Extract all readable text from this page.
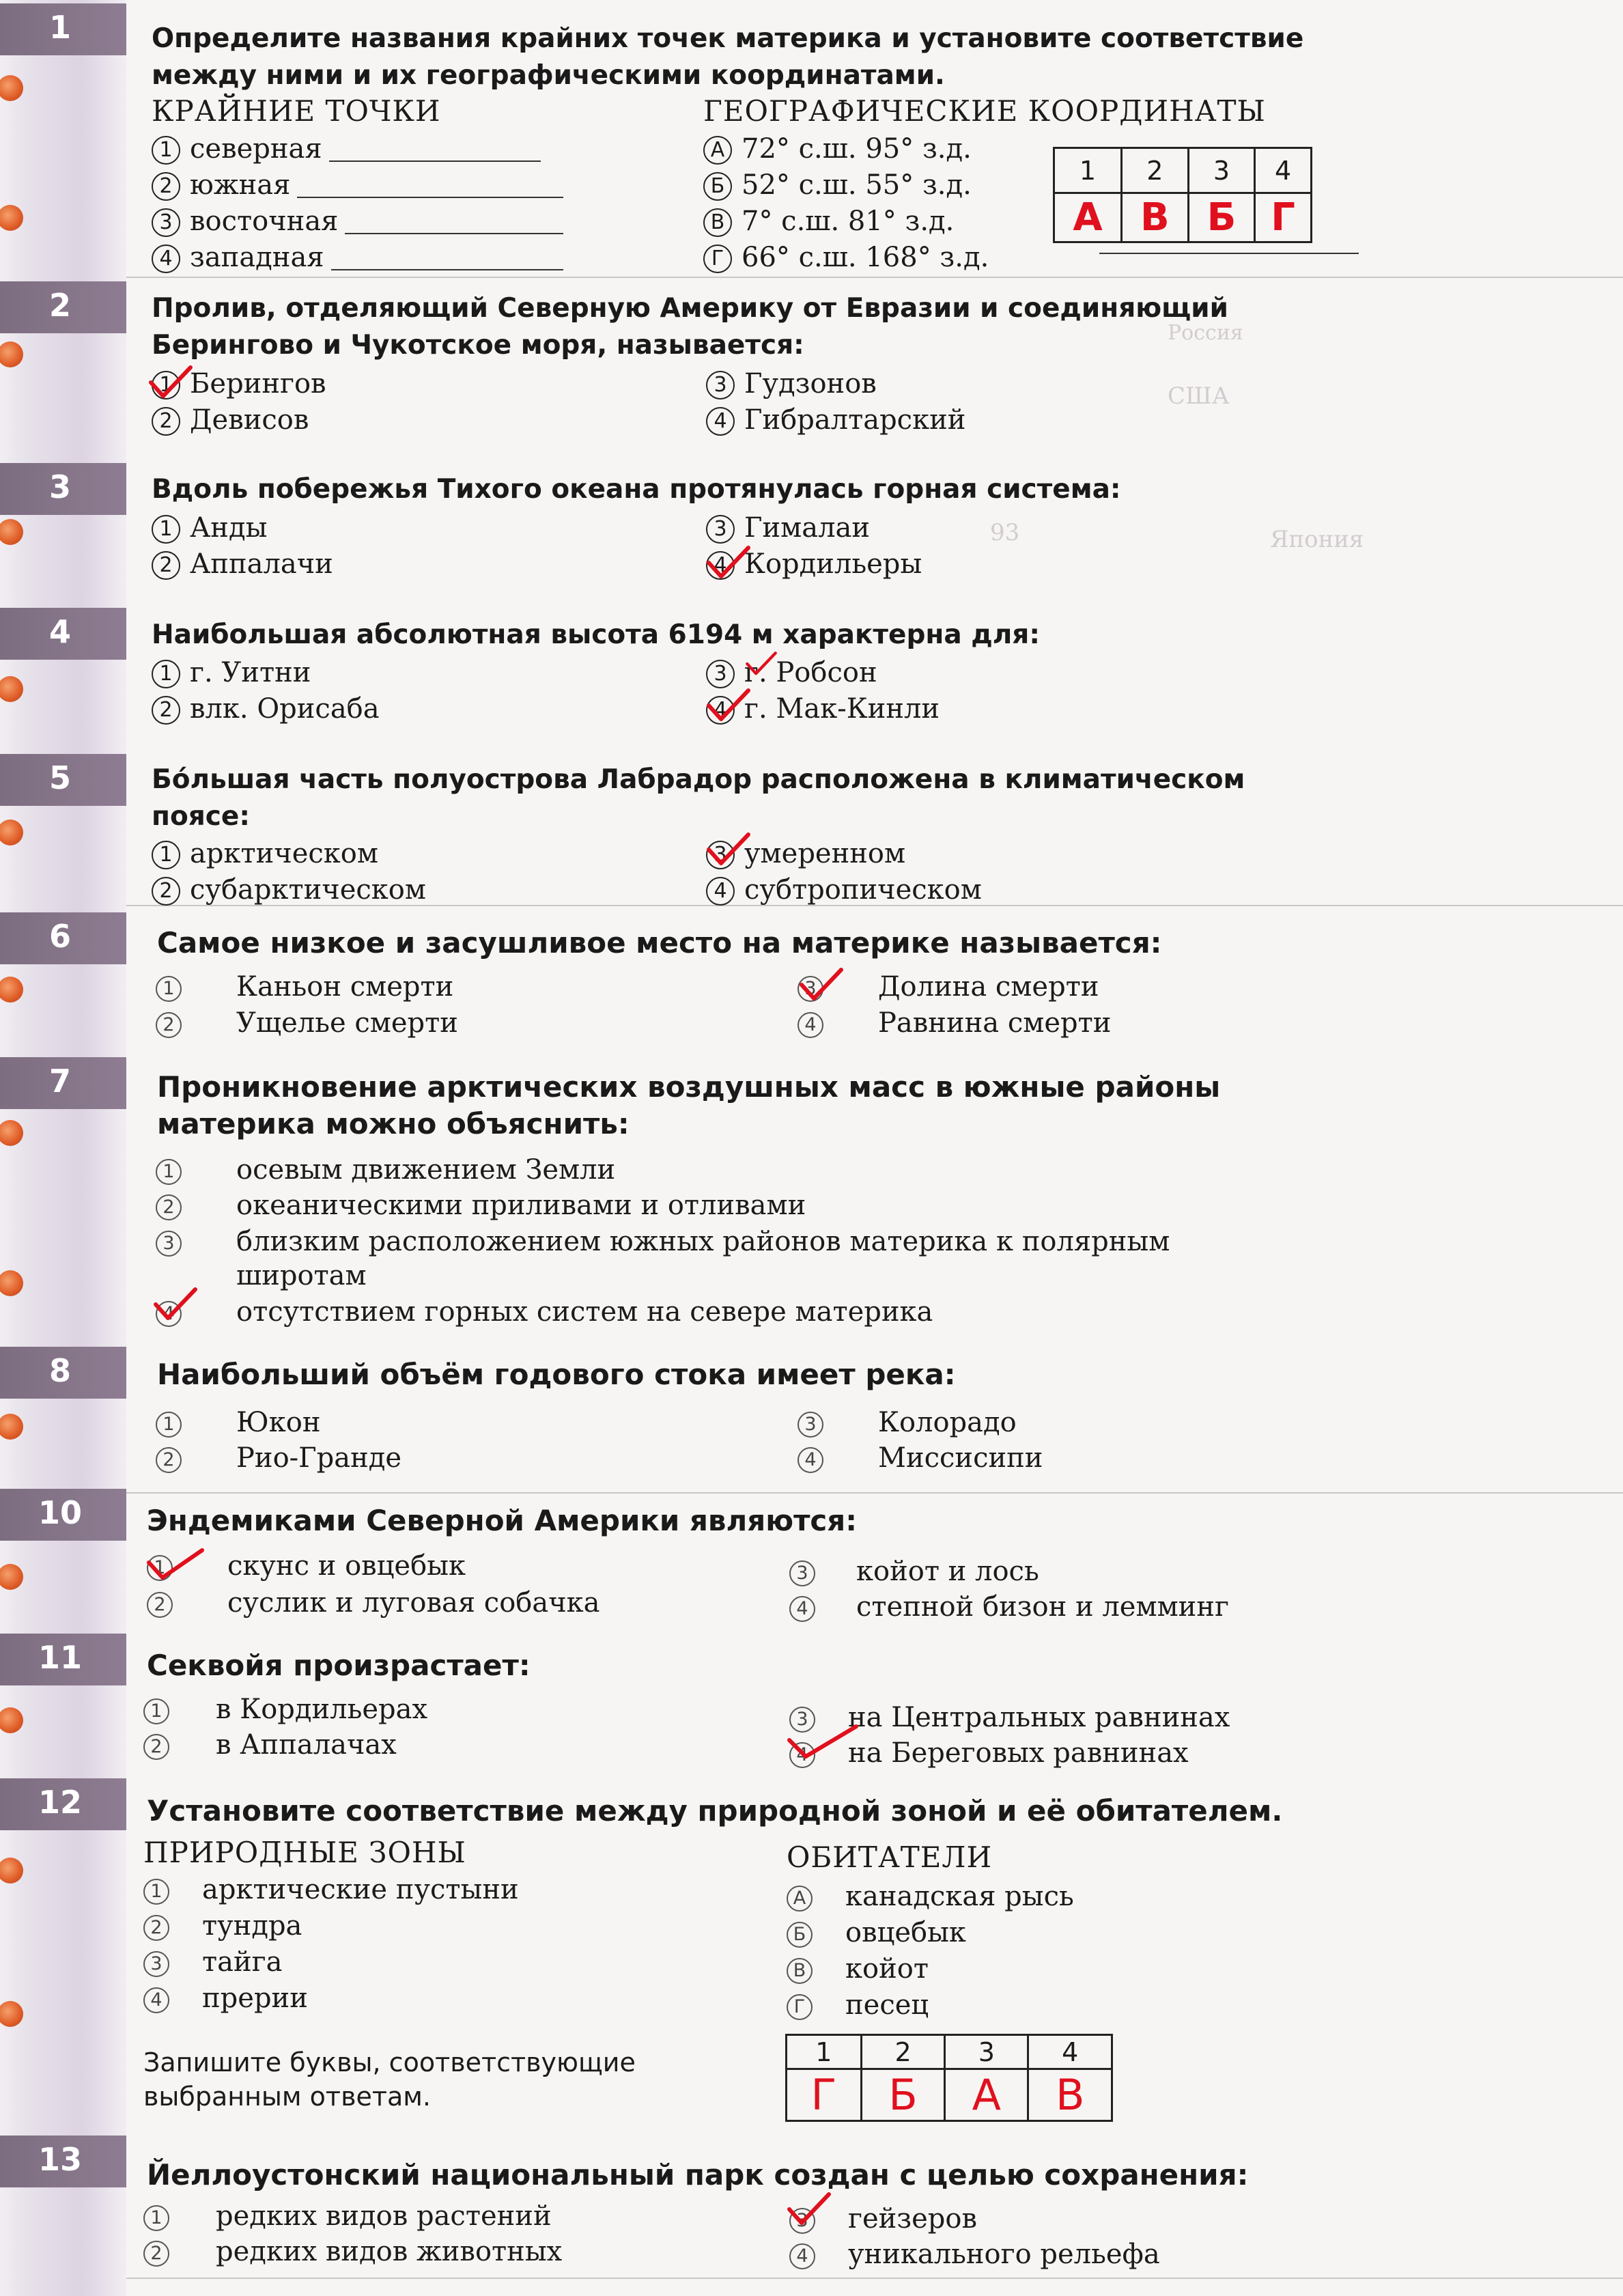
Россия
США
Япония
93
1	Определите названия крайних точек материка и установите соответствие
между ними и их географическими координатами.
КРАЙНИЕ ТОЧКИ	ГЕОГРАФИЧЕСКИЕ КООРДИНАТЫ
1 северная
2 южная
3 восточная
4 западная
А 72° с.ш. 95° з.д.
Б 52° с.ш. 55° з.д.
В 7° с.ш. 81° з.д.
Г 66° с.ш. 168° з.д.
1	2	3	4
А	В	Б	Г
2	Пролив, отделяющий Северную Америку от Евразии и соединяющий
Берингово и Чукотское моря, называется:
1 Берингов
2 Девисов
3 Гудзонов
4 Гибралтарский
3	Вдоль побережья Тихого океана протянулась горная система:
1 Анды
2 Аппалачи
3 Гималаи
4 Кордильеры
4	Наибольшая абсолютная высота 6194 м характерна для:
1 г. Уитни
2 влк. Орисаба
3 г. Робсон
4 г. Мак-Кинли
5	Бо́льшая часть полуострова Лабрадор расположена в климатическом
поясе:
1 арктическом
2 субарктическом
3 умеренном
4 субтропическом
6	Самое низкое и засушливое место на материке называется:
1 Каньон смерти
2 Ущелье смерти
3 Долина смерти
4 Равнина смерти
7	Проникновение арктических воздушных масс в южные районы
материка можно объяснить:
1 осевым движением Земли
2 океаническими приливами и отливами
3 близким расположением южных районов материка к полярным
широтам
4 отсутствием горных систем на севере материка
8	Наибольший объём годового стока имеет река:
1 Юкон
2 Рио-Гранде
3 Колорадо
4 Миссисипи
10	Эндемиками Северной Америки являются:
1 скунс и овцебык
2 суслик и луговая собачка
3 койот и лось
4 степной бизон и лемминг
11	Секвойя произрастает:
1 в Кордильерах
2 в Аппалачах
3 на Центральных равнинах
4 на Береговых равнинах
12	Установите соответствие между природной зоной и её обитателем.
ПРИРОДНЫЕ ЗОНЫ	ОБИТАТЕЛИ
1 арктические пустыни
2 тундра
3 тайга
4 прерии
А канадская рысь
Б овцебык
В койот
Г песец
Запишите буквы, соответствующие
выбранным ответам.
1	2	3	4
Г	Б	А	В
13	Йеллоустонский национальный парк создан с целью сохранения:
1 редких видов растений
2 редких видов животных
3 гейзеров
4 уникального рельефа
